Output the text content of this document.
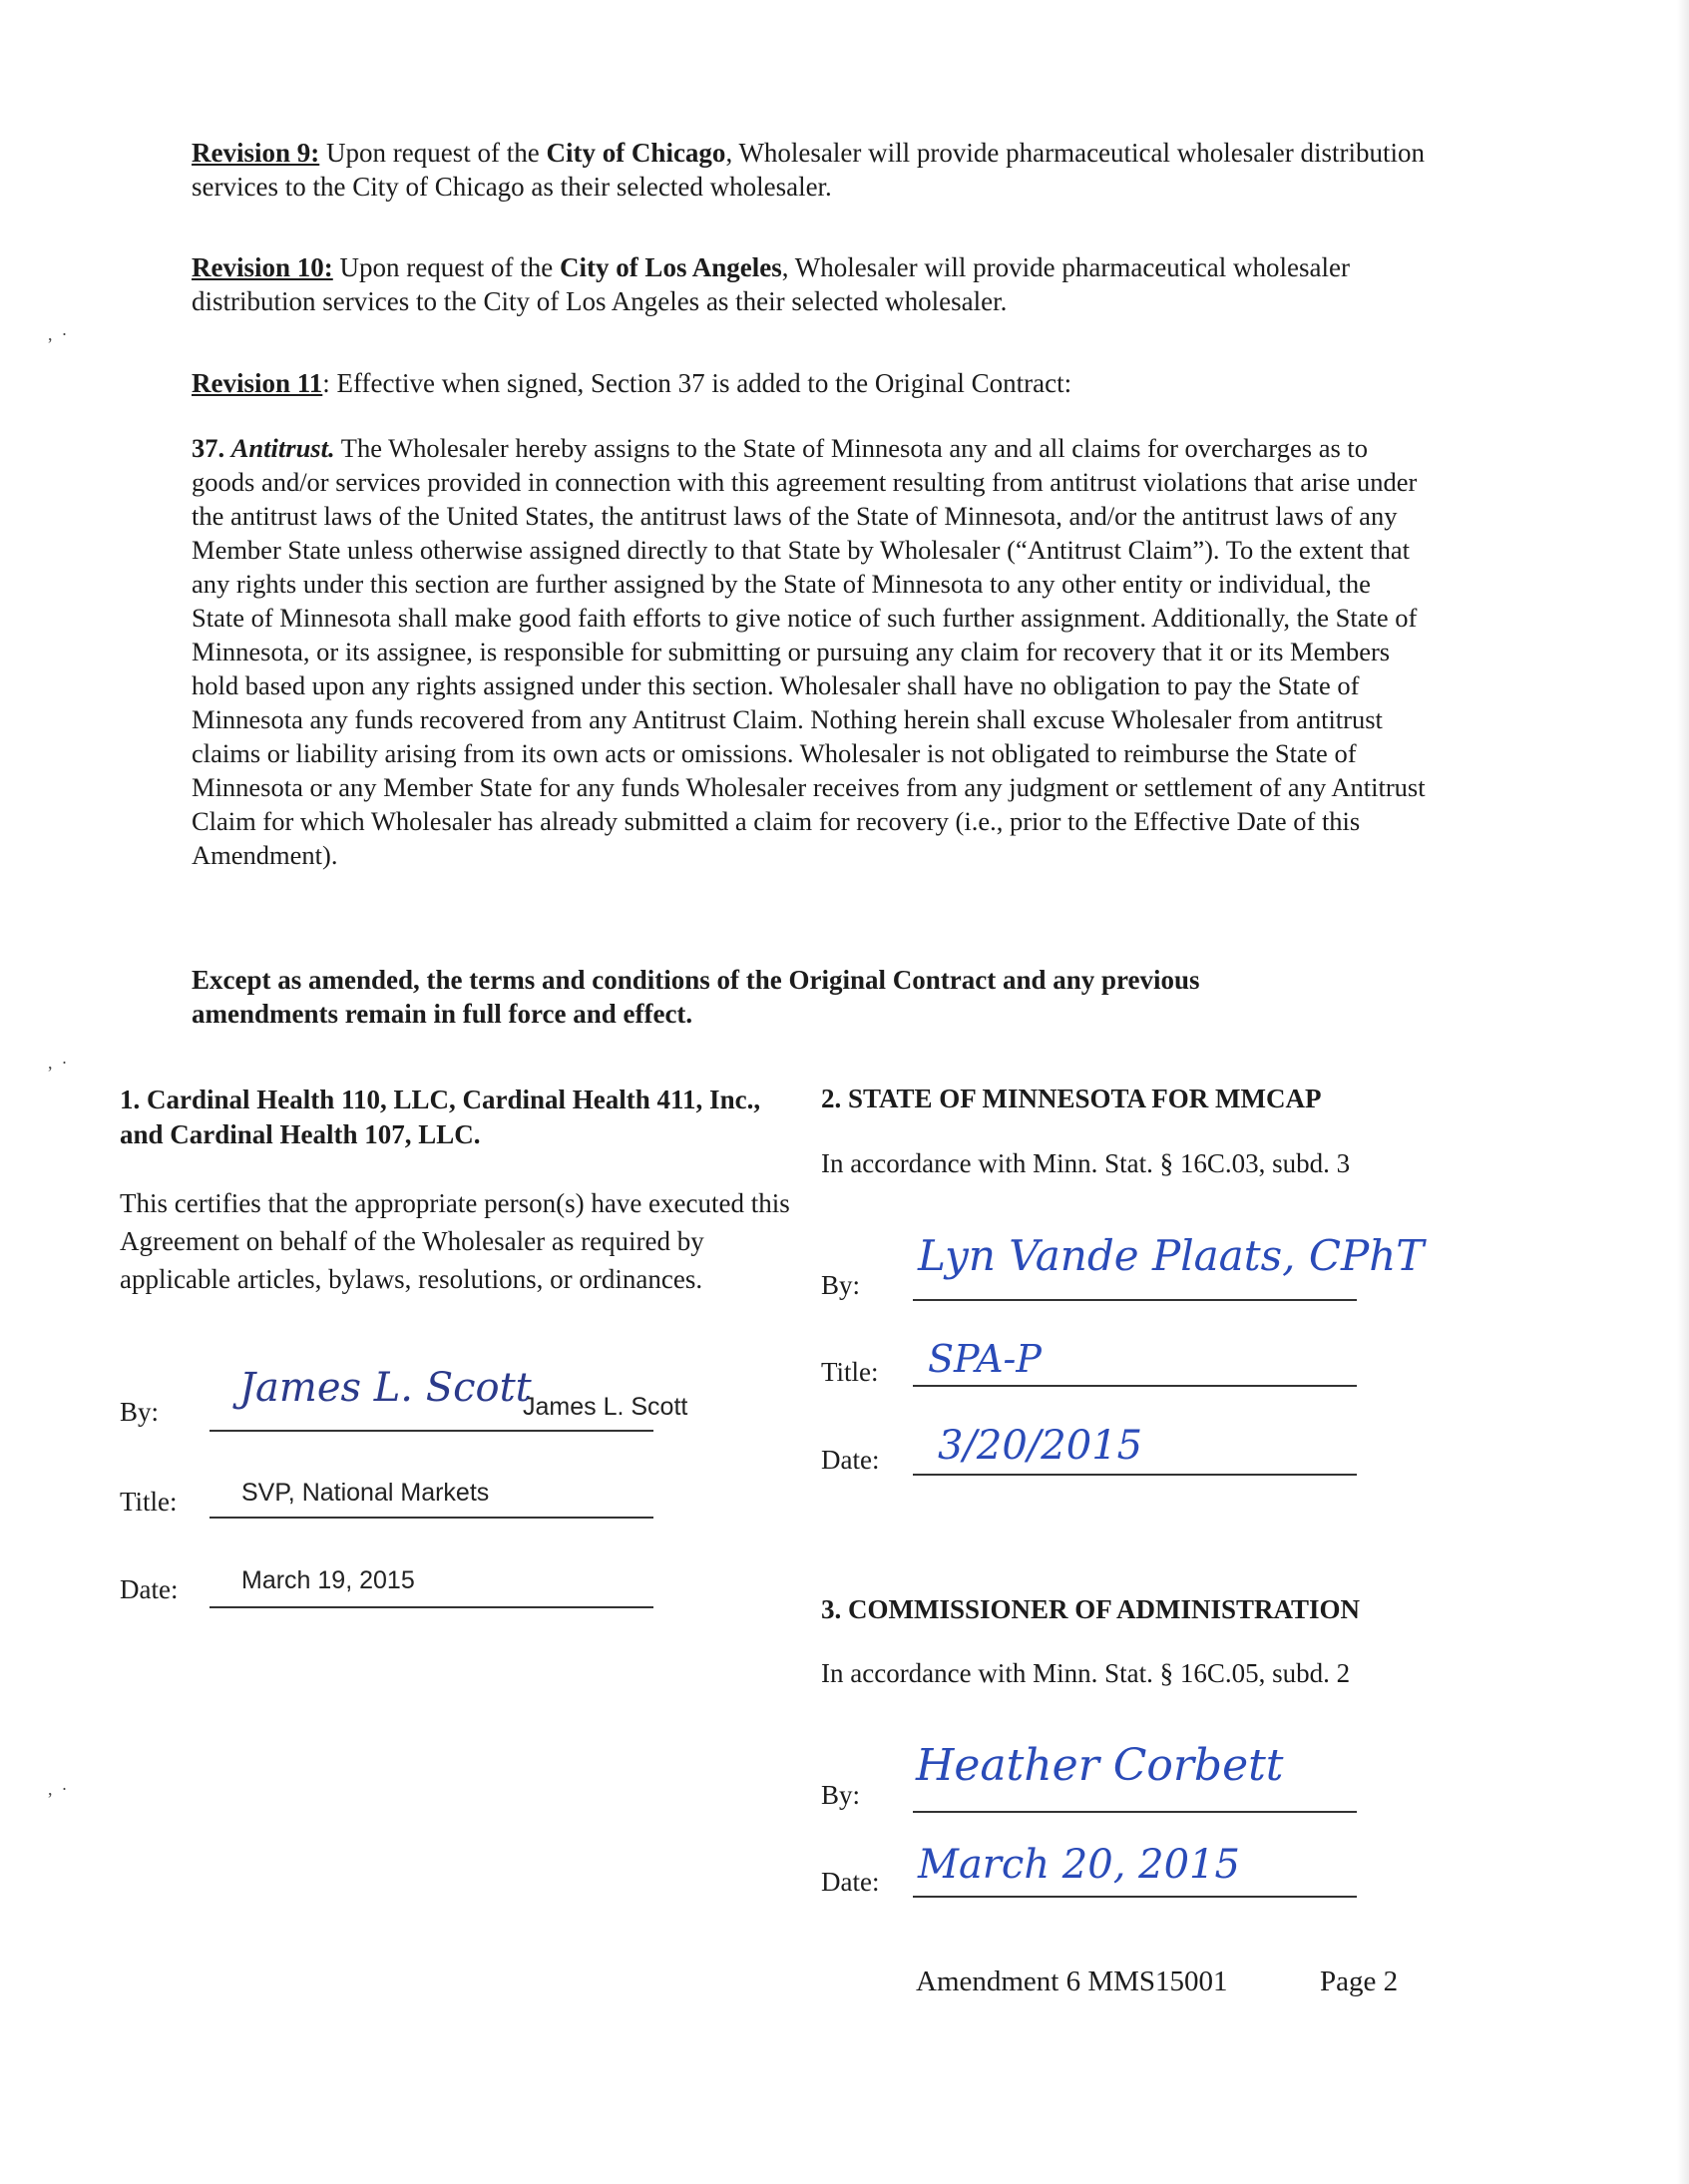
Revision 9: Upon request of the City of Chicago, Wholesaler will provide pharmaceutical wholesaler distribution services to the City of Chicago as their selected wholesaler.
Revision 10: Upon request of the City of Los Angeles, Wholesaler will provide pharmaceutical wholesaler distribution services to the City of Los Angeles as their selected wholesaler.
Revision 11: Effective when signed, Section 37 is added to the Original Contract:
37. Antitrust. The Wholesaler hereby assigns to the State of Minnesota any and all claims for overcharges as to goods and/or services provided in connection with this agreement resulting from antitrust violations that arise under the antitrust laws of the United States, the antitrust laws of the State of Minnesota, and/or the antitrust laws of any Member State unless otherwise assigned directly to that State by Wholesaler (“Antitrust Claim”). To the extent that any rights under this section are further assigned by the State of Minnesota to any other entity or individual, the State of Minnesota shall make good faith efforts to give notice of such further assignment. Additionally, the State of Minnesota, or its assignee, is responsible for submitting or pursuing any claim for recovery that it or its Members hold based upon any rights assigned under this section. Wholesaler shall have no obligation to pay the State of Minnesota any funds recovered from any Antitrust Claim. Nothing herein shall excuse Wholesaler from antitrust claims or liability arising from its own acts or omissions. Wholesaler is not obligated to reimburse the State of Minnesota or any Member State for any funds Wholesaler receives from any judgment or settlement of any Antitrust Claim for which Wholesaler has already submitted a claim for recovery (i.e., prior to the Effective Date of this Amendment).
Except as amended, the terms and conditions of the Original Contract and any previous amendments remain in full force and effect.
1. Cardinal Health 110, LLC, Cardinal Health 411, Inc., and Cardinal Health 107, LLC.
This certifies that the appropriate person(s) have executed this Agreement on behalf of the Wholesaler as required by applicable articles, bylaws, resolutions, or ordinances.
By:
James L. Scott
James L. Scott
Title:	SVP, National Markets
Date:	March 19, 2015
2. STATE OF MINNESOTA FOR MMCAP
In accordance with Minn. Stat. § 16C.03, subd. 3
By:
Lyn Vande Plaats, CPhT
Title: SPA-P
Date: 3/20/2015
3. COMMISSIONER OF ADMINISTRATION
In accordance with Minn. Stat. § 16C.05, subd. 2
By:
Heather Corbett
Date: March 20, 2015
Amendment 6 MMS15001	Page 2
,  ·
,  ·
,  ·
